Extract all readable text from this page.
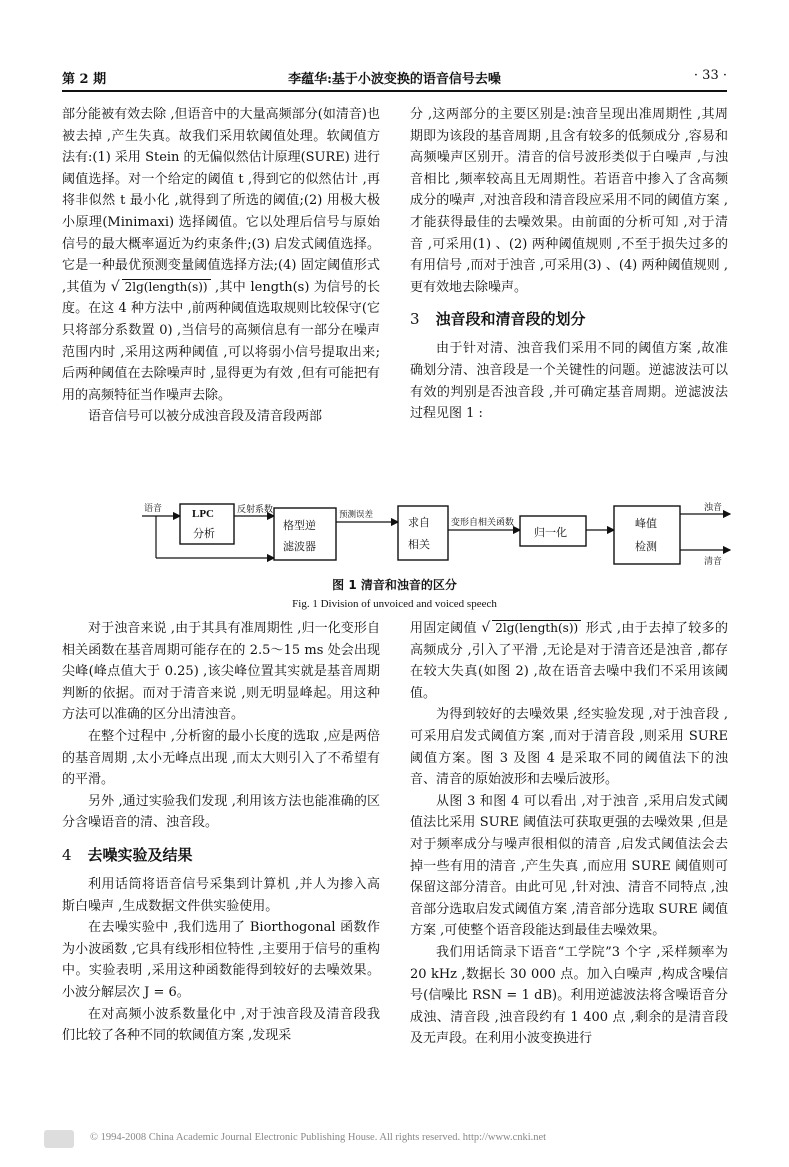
第 2 期	李蕴华:基于小波变换的语音信号去噪	· 33 ·

部分能被有效去除 ,但语音中的大量高频部分(如清音)也被去掉 ,产生失真。故我们采用软阈值处理。软阈值方法有:(1) 采用 Stein 的无偏似然估计原理(SURE) 进行阈值选择。对一个给定的阈值 t ,得到它的似然估计 ,再将非似然 t 最小化 ,就得到了所选的阈值;(2) 用极大极小原理(Minimaxi) 选择阈值。它以处理后信号与原始信号的最大概率逼近为约束条件;(3) 启发式阈值选择。它是一种最优预测变量阈值选择方法;(4) 固定阈值形式 ,其值为 √ 2lg(length(s)) ,其中 length(s) 为信号的长度。在这 4 种方法中 ,前两种阈值选取规则比较保守(它只将部分系数置 0) ,当信号的高频信息有一部分在噪声范围内时 ,采用这两种阈值 ,可以将弱小信号提取出来;后两种阈值在去除噪声时 ,显得更为有效 ,但有可能把有用的高频特征当作噪声去除。

语音信号可以被分成浊音段及清音段两部

分 ,这两部分的主要区别是:浊音呈现出准周期性 ,其周期即为该段的基音周期 ,且含有较多的低频成分 ,容易和高频噪声区别开。清音的信号波形类似于白噪声 ,与浊音相比 ,频率较高且无周期性。若语音中掺入了含高频成分的噪声 ,对浊音段和清音段应采用不同的阈值方案 ,才能获得最佳的去噪效果。由前面的分析可知 ,对于清音 ,可采用(1) 、(2) 两种阈值规则 ,不至于损失过多的有用信号 ,而对于浊音 ,可采用(3) 、(4) 两种阈值规则 ,更有效地去除噪声。

3 浊音段和清音段的划分

由于针对清、浊音我们采用不同的阈值方案 ,故准确划分清、浊音段是一个关键性的问题。逆滤波法可以有效的判别是否浊音段 ,并可确定基音周期。逆滤波法过程见图 1 :

语音	LPC
分析
反射系数
格型逆
滤波器
预测误差
求自
相关
变形自相关函数
归一化
峰值
检测
浊音
清音
图 1 清音和浊音的区分
Fig. 1 Division of unvoiced and voiced speech

对于浊音来说 ,由于其具有准周期性 ,归一化变形自相关函数在基音周期可能存在的 2.5～15 ms 处会出现尖峰(峰点值大于 0.25) ,该尖峰位置其实就是基音周期判断的依据。而对于清音来说 ,则无明显峰起。用这种方法可以准确的区分出清浊音。

在整个过程中 ,分析窗的最小长度的选取 ,应是两倍的基音周期 ,太小无峰点出现 ,而太大则引入了不希望有的平滑。

另外 ,通过实验我们发现 ,利用该方法也能准确的区分含噪语音的清、浊音段。

4 去噪实验及结果

利用话筒将语音信号采集到计算机 ,并人为掺入高斯白噪声 ,生成数据文件供实验使用。

在去噪实验中 ,我们选用了 Biorthogonal 函数作为小波函数 ,它具有线形相位特性 ,主要用于信号的重构中。实验表明 ,采用这种函数能得到较好的去噪效果。小波分解层次 J = 6。

在对高频小波系数量化中 ,对于浊音段及清音段我们比较了各种不同的软阈值方案 ,发现采

用固定阈值 √ 2lg(length(s)) 形式 ,由于去掉了较多的高频成分 ,引入了平滑 ,无论是对于清音还是浊音 ,都存在较大失真(如图 2) ,故在语音去噪中我们不采用该阈值。

为得到较好的去噪效果 ,经实验发现 ,对于浊音段 ,可采用启发式阈值方案 ,而对于清音段 ,则采用 SURE 阈值方案。图 3 及图 4 是采取不同的阈值法下的浊音、清音的原始波形和去噪后波形。

从图 3 和图 4 可以看出 ,对于浊音 ,采用启发式阈值法比采用 SURE 阈值法可获取更强的去噪效果 ,但是对于频率成分与噪声很相似的清音 ,启发式阈值法会去掉一些有用的清音 ,产生失真 ,而应用 SURE 阈值则可保留这部分清音。由此可见 ,针对浊、清音不同特点 ,浊音部分选取启发式阈值方案 ,清音部分选取 SURE 阈值方案 ,可使整个语音段能达到最佳去噪效果。

我们用话筒录下语音“工学院”3 个字 ,采样频率为 20 kHz ,数据长 30 000 点。加入白噪声 ,构成含噪信号(信噪比 RSN = 1 dB)。利用逆滤波法将含噪语音分成浊、清音段 ,浊音段约有 1 400 点 ,剩余的是清音段及无声段。在利用小波变换进行

© 1994-2008 China Academic Journal Electronic Publishing House. All rights reserved. http://www.cnki.net
